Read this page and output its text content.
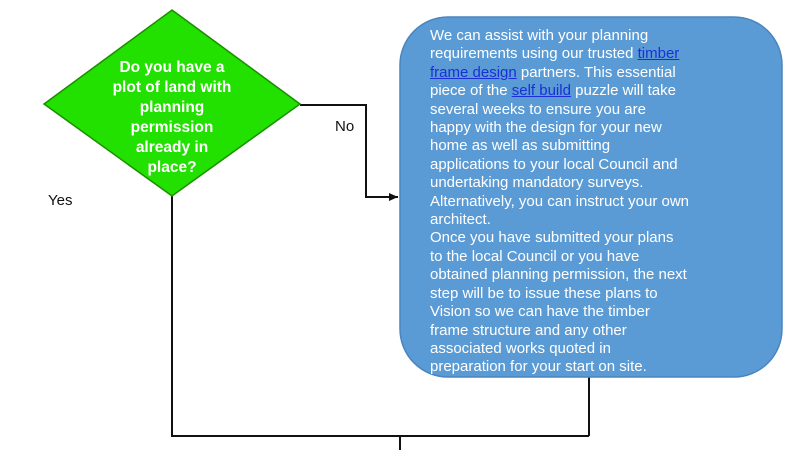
Do you have a
plot of land with
planning
permission
already in
place?
No
Yes
We can assist with your planning
requirements using our trusted timber
frame design partners. This essential
piece of the self build puzzle will take
several weeks to ensure you are
happy with the design for your new
home as well as submitting
applications to your local Council and
undertaking mandatory surveys.
Alternatively, you can instruct your own
architect.
Once you have submitted your plans
to the local Council or you have
obtained planning permission, the next
step will be to issue these plans to
Vision so we can have the timber
frame structure and any other
associated works quoted in
preparation for your start on site.
